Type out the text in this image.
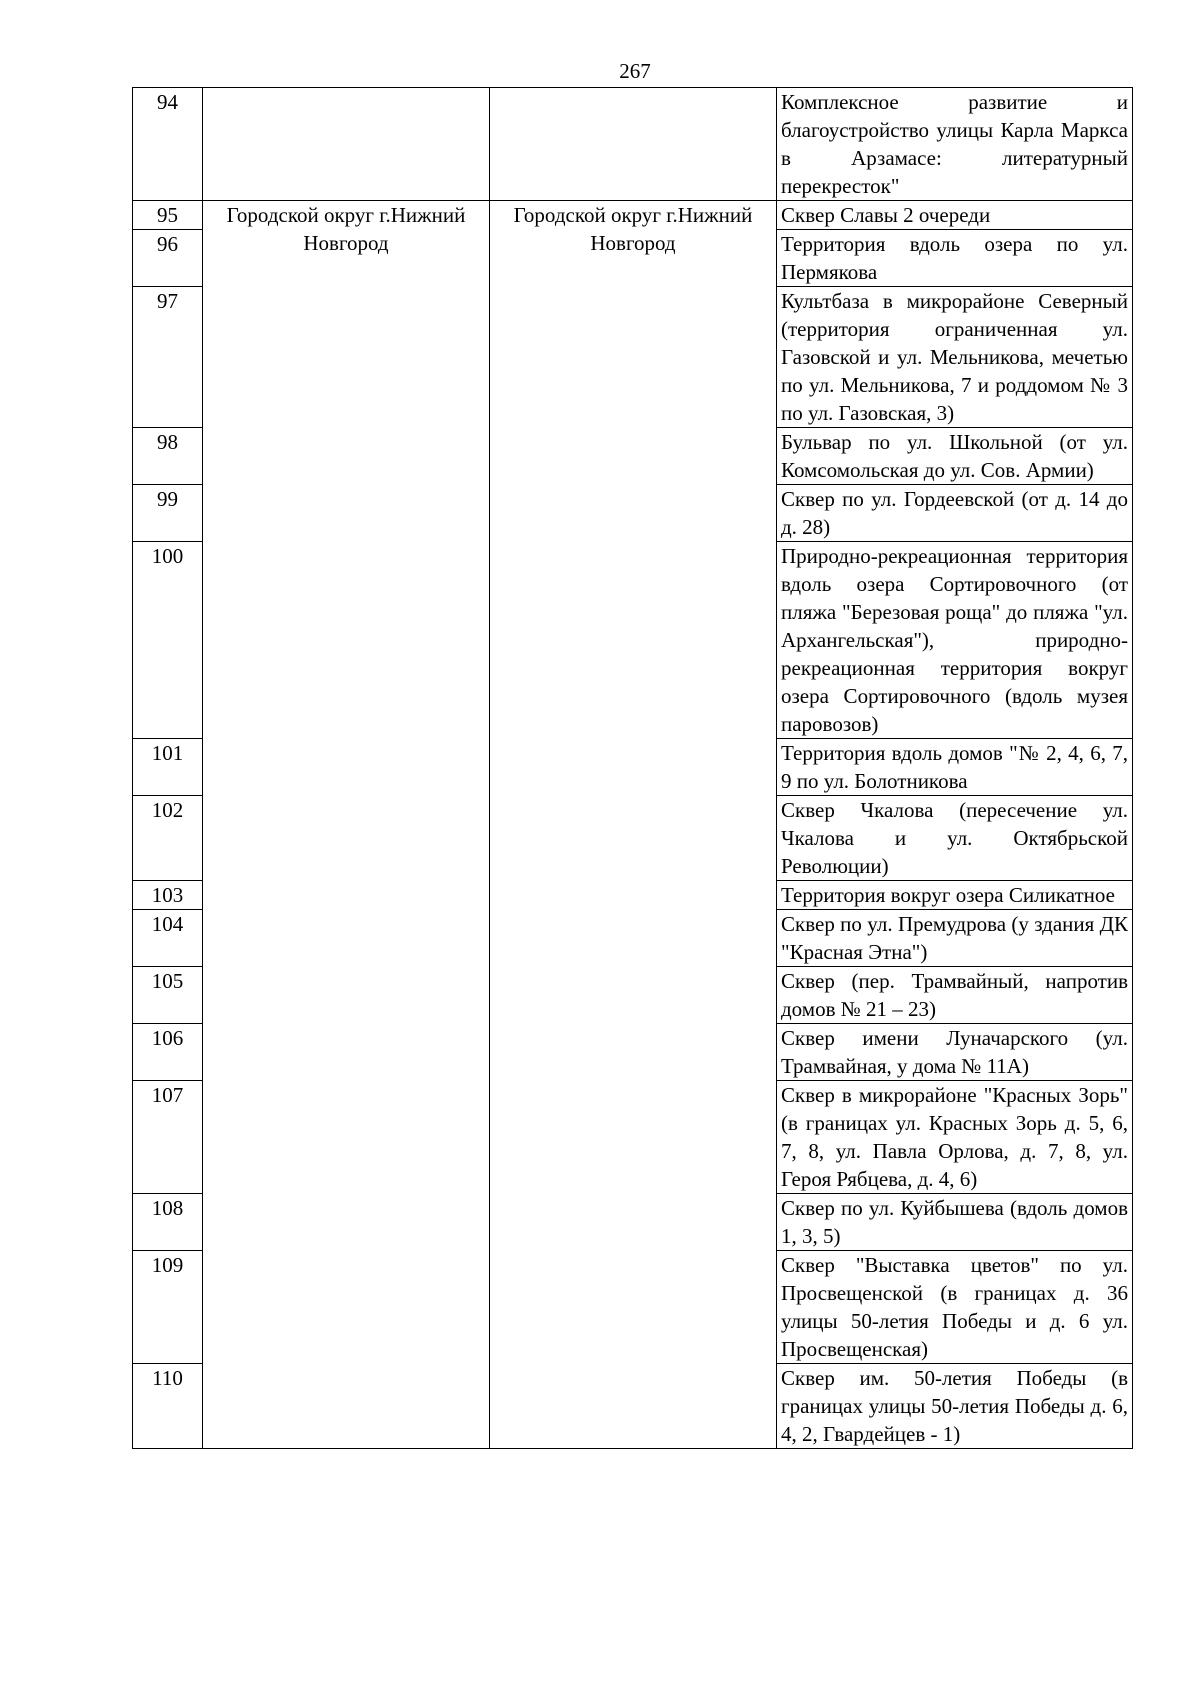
267
94			Комплексное развитие и благоустройство улицы Карла Маркса в Арзамасе: литературный перекресток"
95	Городской округ г.Нижний Новгород	Городской округ г.Нижний Новгород	Сквер Славы 2 очереди
96			Территория вдоль озера по ул. Пермякова
97			Культбаза в микрорайоне Северный (территория ограниченная ул. Газовской и ул. Мельникова, мечетью по ул. Мельникова, 7 и роддомом № 3 по ул. Газовская, 3)
98			Бульвар по ул. Школьной (от ул. Комсомольская до ул. Сов. Армии)
99			Сквер по ул. Гордеевской (от д. 14 до д. 28)
100			Природно-рекреационная территория вдоль озера Сортировочного (от пляжа "Березовая роща" до пляжа "ул. Архангельская"), природно-рекреационная территория вокруг озера Сортировочного (вдоль музея паровозов)
101			Территория вдоль домов "№ 2, 4, 6, 7, 9 по ул. Болотникова
102			Сквер Чкалова (пересечение ул. Чкалова и ул. Октябрьской Революции)
103			Территория вокруг озера Силикатное
104			Сквер по ул. Премудрова (у здания ДК "Красная Этна")
105			Сквер (пер. Трамвайный, напротив домов № 21 – 23)
106			Сквер имени Луначарского (ул. Трамвайная, у дома № 11А)
107			Сквер в микрорайоне "Красных Зорь" (в границах ул. Красных Зорь д. 5, 6, 7, 8, ул. Павла Орлова, д. 7, 8, ул. Героя Рябцева, д. 4, 6)
108			Сквер по ул. Куйбышева (вдоль домов 1, 3, 5)
109			Сквер "Выставка цветов" по ул. Просвещенской (в границах д. 36 улицы 50-летия Победы и д. 6 ул. Просвещенская)
110			Сквер им. 50-летия Победы (в границах улицы 50-летия Победы д. 6, 4, 2, Гвардейцев - 1)
